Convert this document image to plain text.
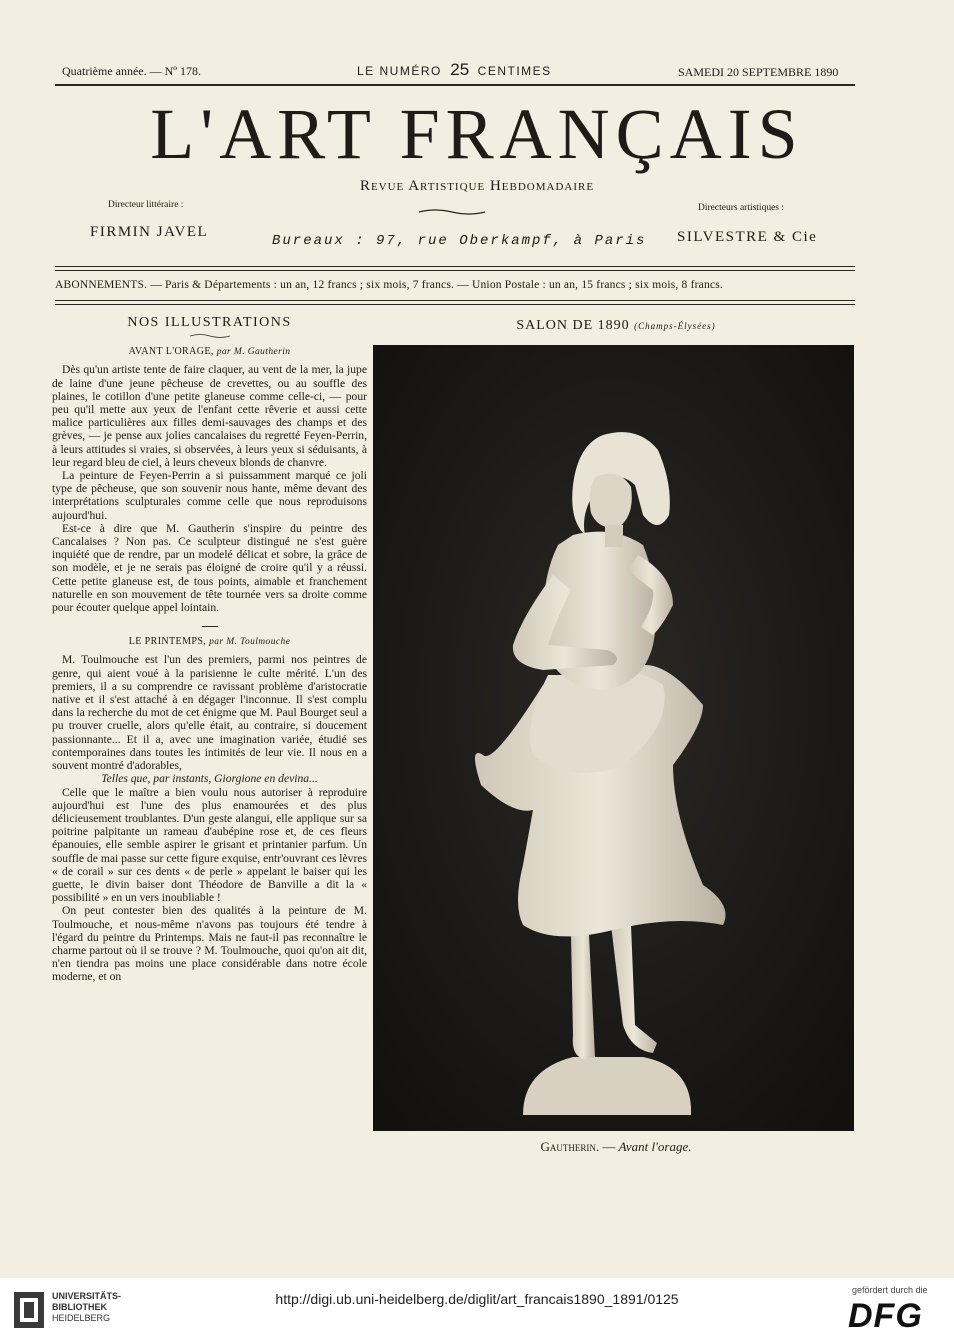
Quatrième année. — Nº 178.	LE NUMÉRO 25 CENTIMES	SAMEDI 20 SEPTEMBRE 1890
L'ART FRANÇAIS
Revue Artistique Hebdomadaire
Directeur littéraire :
FIRMIN JAVEL
Bureaux : 97, rue Oberkampf, à Paris
Directeurs artistiques :
SILVESTRE & Cie
ABONNEMENTS. — Paris & Départements : un an, 12 francs ; six mois, 7 francs. — Union Postale : un an, 15 francs ; six mois, 8 francs.
NOS ILLUSTRATIONS
AVANT L'ORAGE, par M. Gautherin

Dès qu'un artiste tente de faire claquer, au vent de la mer, la jupe de laine d'une jeune pêcheuse de crevettes, ou au souffle des plaines, le cotillon d'une petite glaneuse comme celle-ci, — pour peu qu'il mette aux yeux de l'enfant cette rêverie et aussi cette malice particulières aux filles demi-sauvages des champs et des grèves, — je pense aux jolies cancalaises du regretté Feyen-Perrin, à leurs attitudes si vraies, si observées, à leurs yeux si séduisants, à leur regard bleu de ciel, à leurs cheveux blonds de chanvre.

La peinture de Feyen-Perrin a si puissamment marqué ce joli type de pêcheuse, que son souvenir nous hante, même devant des interprétations sculpturales comme celle que nous reproduisons aujourd'hui.

Est-ce à dire que M. Gautherin s'inspire du peintre des Cancalaises ? Non pas. Ce sculpteur distingué ne s'est guère inquiété que de rendre, par un modelé délicat et sobre, la grâce de son modèle, et je ne serais pas éloigné de croire qu'il y a réussi. Cette petite glaneuse est, de tous points, aimable et franchement naturelle en son mouvement de tête tournée vers sa droite comme pour écouter quelque appel lointain.

LE PRINTEMPS, par M. Toulmouche

M. Toulmouche est l'un des premiers, parmi nos peintres de genre, qui aient voué à la parisienne le culte mérité. L'un des premiers, il a su comprendre ce ravissant problème d'aristocratie native et il s'est attaché à en dégager l'inconnue. Il s'est complu dans la recherche du mot de cet énigme que M. Paul Bourget seul a pu trouver cruelle, alors qu'elle était, au contraire, si doucement passionnante... Et il a, avec une imagination variée, étudié ses contemporaines dans toutes les intimités de leur vie. Il nous en a souvent montré d'adorables,

Telles que, par instants, Giorgione en devina...

Celle que le maître a bien voulu nous autoriser à reproduire aujourd'hui est l'une des plus enamourées et des plus délicieusement troublantes. D'un geste alangui, elle applique sur sa poitrine palpitante un rameau d'aubépine rose et, de ces fleurs épanouies, elle semble aspirer le grisant et printanier parfum. Un souffle de mai passe sur cette figure exquise, entr'ouvrant ces lèvres « de corail » sur ces dents « de perle » appelant le baiser qui les guette, le divin baiser dont Théodore de Banville a dit la « possibilité » en un vers inoubliable !

On peut contester bien des qualités à la peinture de M. Toulmouche, et nous-même n'avons pas toujours été tendre à l'égard du peintre du Printemps. Mais ne faut-il pas reconnaître le charme partout où il se trouve ? M. Toulmouche, quoi qu'on ait dit, n'en tiendra pas moins une place considérable dans notre école moderne, et on

SALON DE 1890 (Champs-Élysées)
Gautherin. — Avant l'orage.
UNIVERSITÄTS-
BIBLIOTHEK
HEIDELBERG
http://digi.ub.uni-heidelberg.de/diglit/art_francais1890_1891/0125
gefördert durch die
DFG
